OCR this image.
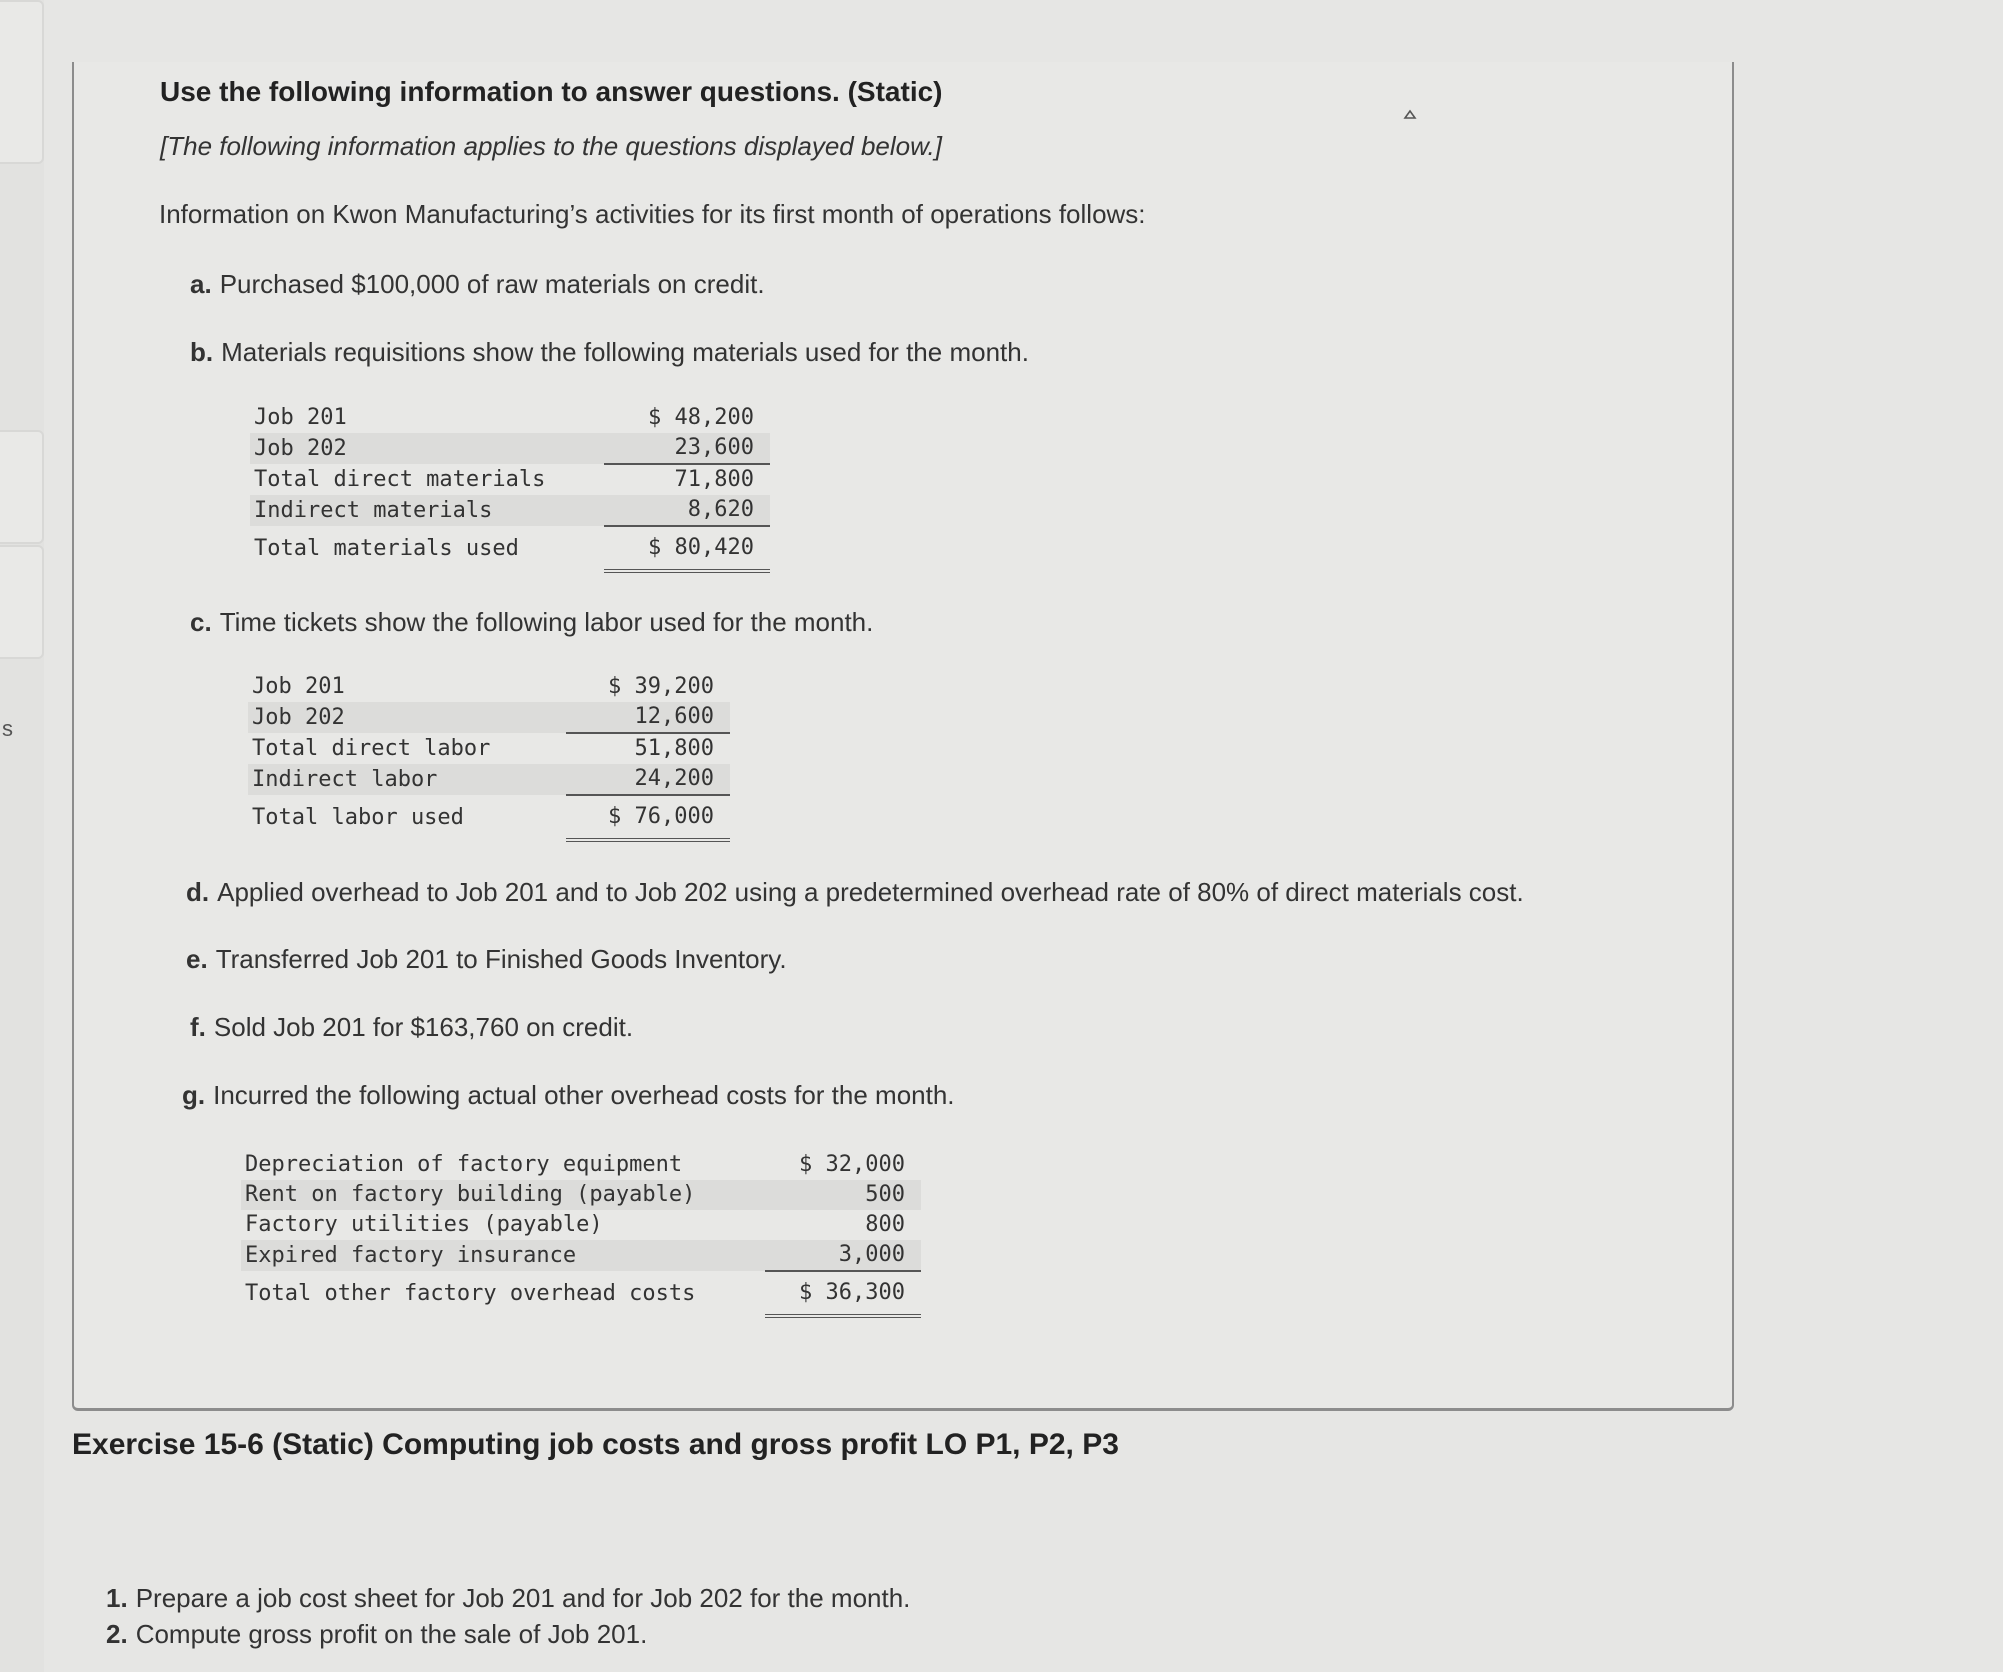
s
Use the following information to answer questions. (Static)
[The following information applies to the questions displayed below.]
Information on Kwon Manufacturing’s activities for its first month of operations follows:
a. Purchased $100,000 of raw materials on credit.
b. Materials requisitions show the following materials used for the month.
Job 201	$ 48,200
Job 202	23,600
Total direct materials	71,800
Indirect materials	8,620
Total materials used	$ 80,420
c. Time tickets show the following labor used for the month.
Job 201	$ 39,200
Job 202	12,600
Total direct labor	51,800
Indirect labor	24,200
Total labor used	$ 76,000
d. Applied overhead to Job 201 and to Job 202 using a predetermined overhead rate of 80% of direct materials cost.
e. Transferred Job 201 to Finished Goods Inventory.
f. Sold Job 201 for $163,760 on credit.
g. Incurred the following actual other overhead costs for the month.
Depreciation of factory equipment	$ 32,000
Rent on factory building (payable)	500
Factory utilities (payable)	800
Expired factory insurance	3,000
Total other factory overhead costs	$ 36,300
Exercise 15-6 (Static) Computing job costs and gross profit LO P1, P2, P3
1. Prepare a job cost sheet for Job 201 and for Job 202 for the month.
2. Compute gross profit on the sale of Job 201.
